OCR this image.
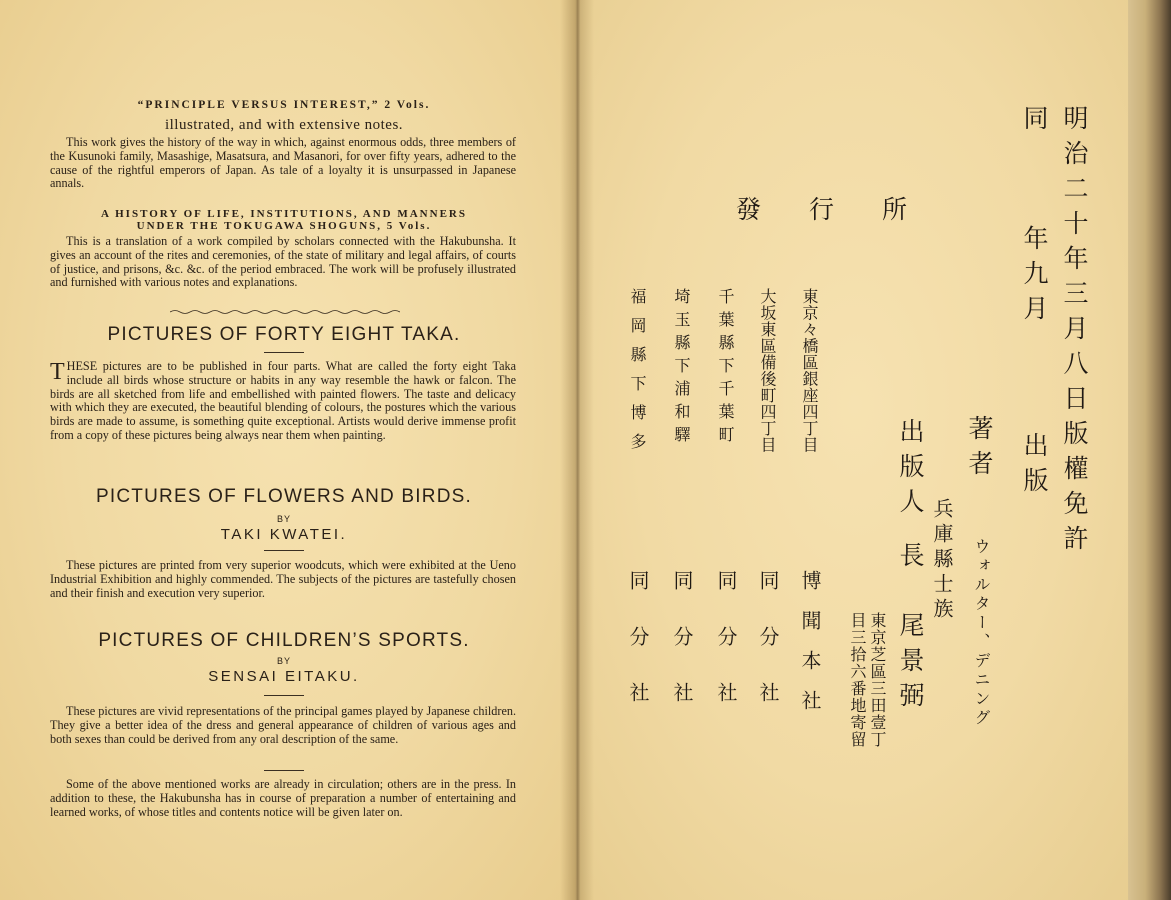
“PRINCIPLE VERSUS INTEREST,” 2 Vols.
illustrated, and with extensive notes.
This work gives the history of the way in which, against enormous odds, three members of the Kusunoki family, Masashige, Masatsura, and Masanori, for over fifty years, adhered to the cause of the rightful emperors of Japan. As tale of a loyalty it is unsurpassed in Japanese annals.
A HISTORY OF LIFE, INSTITUTIONS, AND MANNERS
UNDER THE TOKUGAWA SHOGUNS, 5 Vols.
This is a translation of a work compiled by scholars connected with the Hakubunsha. It gives an account of the rites and ceremonies, of the state of military and legal affairs, of courts of justice, and prisons, &c. &c. of the period embraced. The work will be profusely illustrated and furnished with various notes and explanations.
PICTURES OF FORTY EIGHT TAKA.
THESE pictures are to be published in four parts. What are called the forty eight Taka include all birds whose structure or habits in any way resemble the hawk or falcon. The birds are all sketched from life and embellished with painted flowers. The taste and delicacy with which they are executed, the beautiful blending of colours, the postures which the various birds are made to assume, is something quite exceptional. Artists would derive immense profit from a copy of these pictures being always near them when painting.
PICTURES OF FLOWERS AND BIRDS.
BY
TAKI KWATEI.
These pictures are printed from very superior woodcuts, which were exhibited at the Ueno Industrial Exhibition and highly commended. The subjects of the pictures are tastefully chosen and their finish and execution very superior.
PICTURES OF CHILDREN’S SPORTS.
BY
SENSAI EITAKU.
These pictures are vivid representations of the principal games played by Japanese children. They give a better idea of the dress and general appearance of children of various ages and both sexes than could be derived from any oral description of the same.
Some of the above mentioned works are already in circulation; others are in the press. In addition to these, the Hakubunsha has in course of preparation a number of entertaining and learned works, of whose titles and contents notice will be given later on.
明治二十年三月八日版權免許
同
年九月
出版
著者
ウォルター、デニング
兵庫縣士族
出版人
長
尾景弼
東京芝區三田壹丁
目三拾六番地寄留
發行所
東京々橋區銀座四丁目
大坂東區備後町四丁目
千葉縣下千葉町
埼玉縣下浦和驛
福岡縣下博多
博聞本社
同分社
同分社
同分社
同分社
